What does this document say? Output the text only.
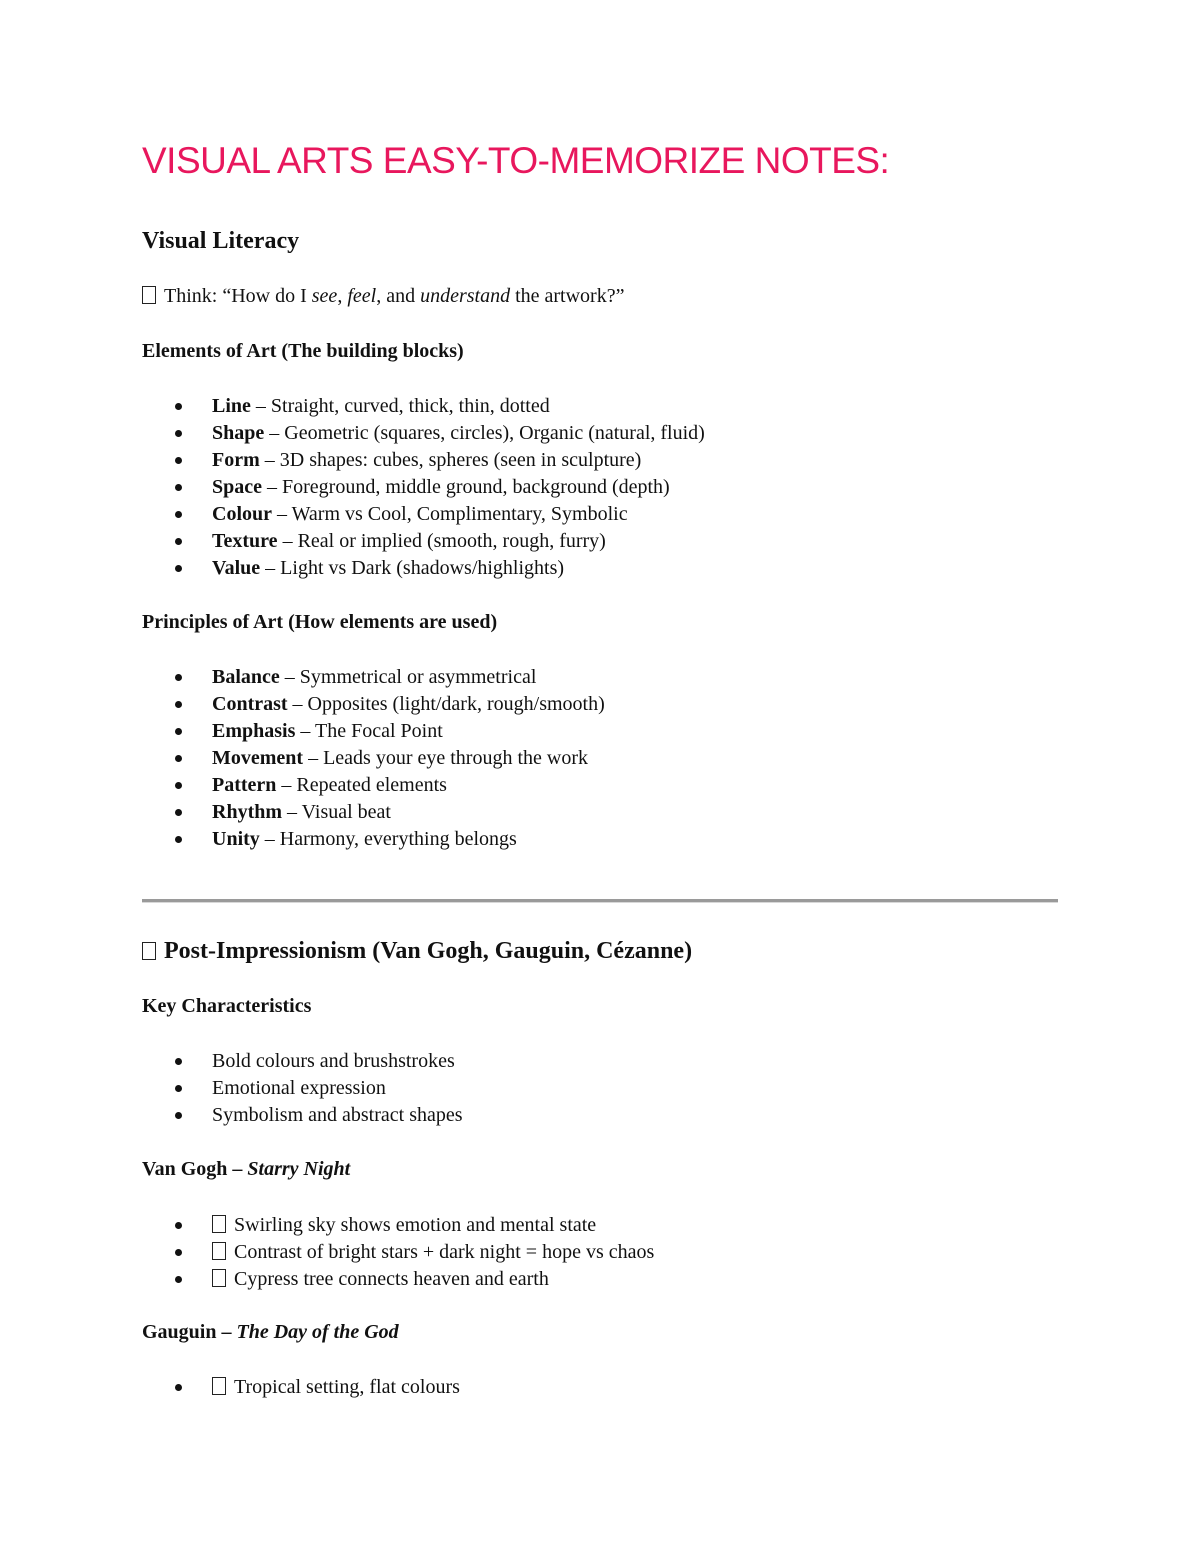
VISUAL ARTS EASY-TO-MEMORIZE NOTES:
Visual Literacy
Think: “How do I see, feel, and understand the artwork?”
Elements of Art (The building blocks)
Line – Straight, curved, thick, thin, dotted
Shape – Geometric (squares, circles), Organic (natural, fluid)
Form – 3D shapes: cubes, spheres (seen in sculpture)
Space – Foreground, middle ground, background (depth)
Colour – Warm vs Cool, Complimentary, Symbolic
Texture – Real or implied (smooth, rough, furry)
Value – Light vs Dark (shadows/highlights)
Principles of Art (How elements are used)
Balance – Symmetrical or asymmetrical
Contrast – Opposites (light/dark, rough/smooth)
Emphasis – The Focal Point
Movement – Leads your eye through the work
Pattern – Repeated elements
Rhythm – Visual beat
Unity – Harmony, everything belongs
Post-Impressionism (Van Gogh, Gauguin, Cézanne)
Key Characteristics
Bold colours and brushstrokes
Emotional expression
Symbolism and abstract shapes
Van Gogh – Starry Night
Swirling sky shows emotion and mental state
Contrast of bright stars + dark night = hope vs chaos
Cypress tree connects heaven and earth
Gauguin – The Day of the God
Tropical setting, flat colours
